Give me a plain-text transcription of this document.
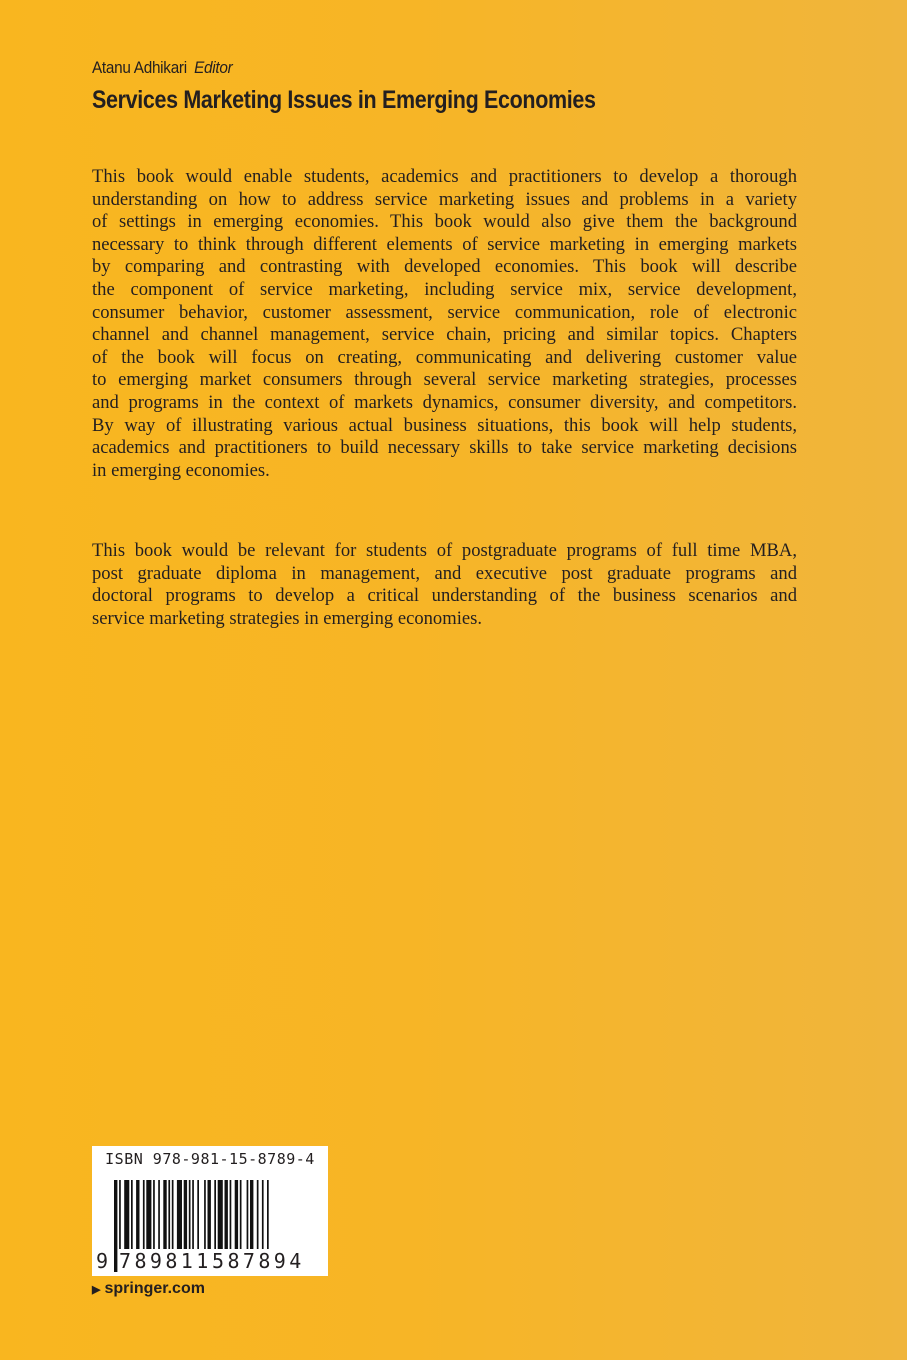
Atanu Adhikari Editor
Services Marketing Issues in Emerging Economies
This book would enable students, academics and practitioners to develop a thorough
understanding on how to address service marketing issues and problems in a variety
of settings in emerging economies. This book would also give them the background
necessary to think through different elements of service marketing in emerging markets
by comparing and contrasting with developed economies. This book will describe
the component of service marketing, including service mix, service development,
consumer behavior, customer assessment, service communication, role of electronic
channel and channel management, service chain, pricing and similar topics. Chapters
of the book will focus on creating, communicating and delivering customer value
to emerging market consumers through several service marketing strategies, processes
and programs in the context of markets dynamics, consumer diversity, and competitors.
By way of illustrating various actual business situations, this book will help students,
academics and practitioners to build necessary skills to take service marketing decisions
in emerging economies.
This book would be relevant for students of postgraduate programs of full time MBA,
post graduate diploma in management, and executive post graduate programs and
doctoral programs to develop a critical understanding of the business scenarios and
service marketing strategies in emerging economies.
ISBN 978-981-15-8789-4
9 789811 587894
▶ springer.com
